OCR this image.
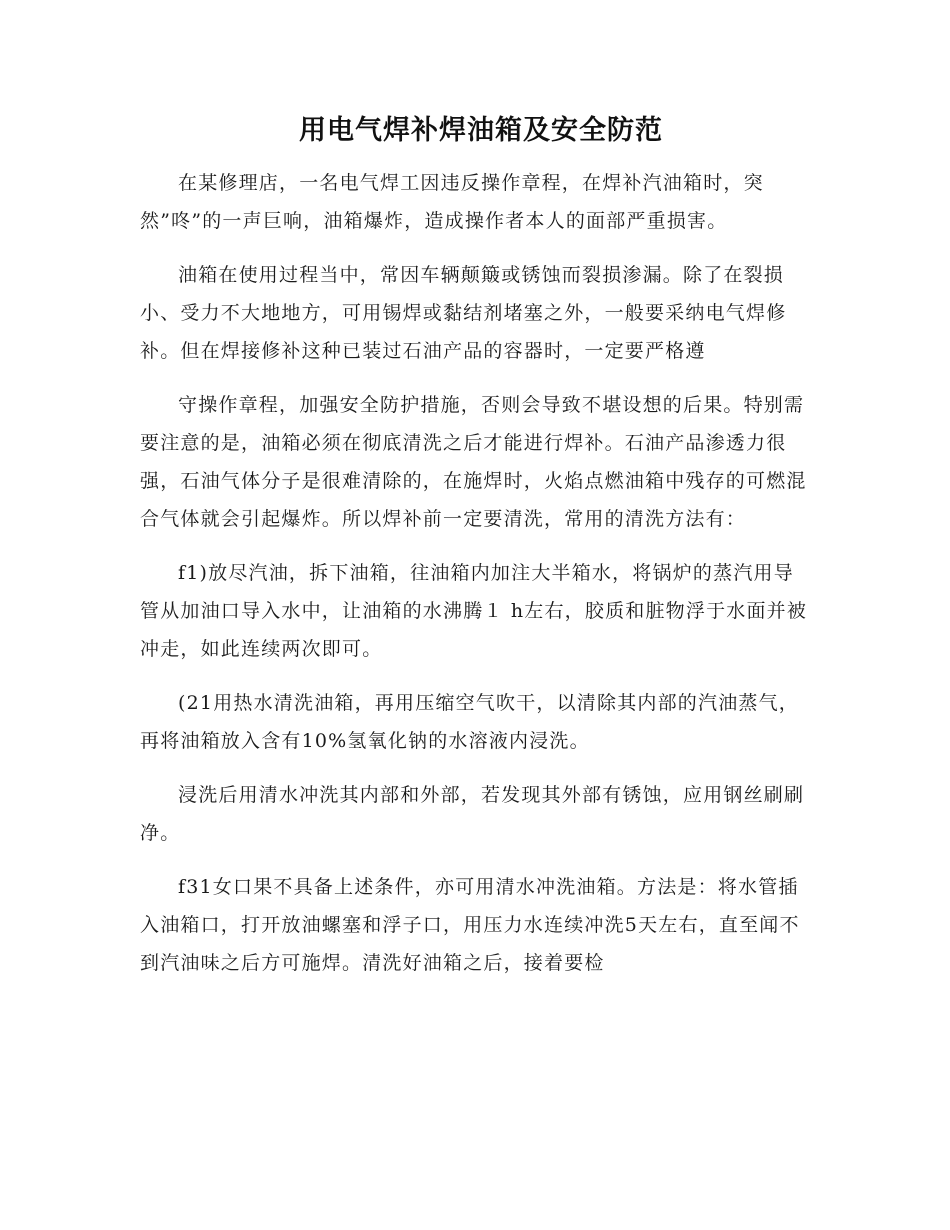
用电气焊补焊油箱及安全防范

在某修理店，一名电气焊工因违反操作章程，在焊补汽油箱时，突然”咚”的一声巨响，油箱爆炸，造成操作者本人的面部严重损害。

油箱在使用过程当中，常因车辆颠簸或锈蚀而裂损渗漏。除了在裂损小、受力不大地地方，可用锡焊或黏结剂堵塞之外，一般要采纳电气焊修补。但在焊接修补这种已装过石油产品的容器时，一定要严格遵

守操作章程，加强安全防护措施，否则会导致不堪设想的后果。特别需要注意的是，油箱必须在彻底清洗之后才能进行焊补。石油产品渗透力很强，石油气体分子是很难清除的，在施焊时，火焰点燃油箱中残存的可燃混合气体就会引起爆炸。所以焊补前一定要清洗，常用的清洗方法有：

f1)放尽汽油，拆下油箱，往油箱内加注大半箱水，将锅炉的蒸汽用导管从加油口导入水中，让油箱的水沸腾１ h左右，胶质和脏物浮于水面并被冲走，如此连续两次即可。

(21用热水清洗油箱，再用压缩空气吹干，以清除其内部的汽油蒸气，再将油箱放入含有10%氢氧化钠的水溶液内浸洗。

浸洗后用清水冲洗其内部和外部，若发现其外部有锈蚀，应用钢丝刷刷净。

f31女口果不具备上述条件，亦可用清水冲洗油箱。方法是：将水管插入油箱口，打开放油螺塞和浮子口，用压力水连续冲洗5天左右，直至闻不到汽油味之后方可施焊。清洗好油箱之后，接着要检
